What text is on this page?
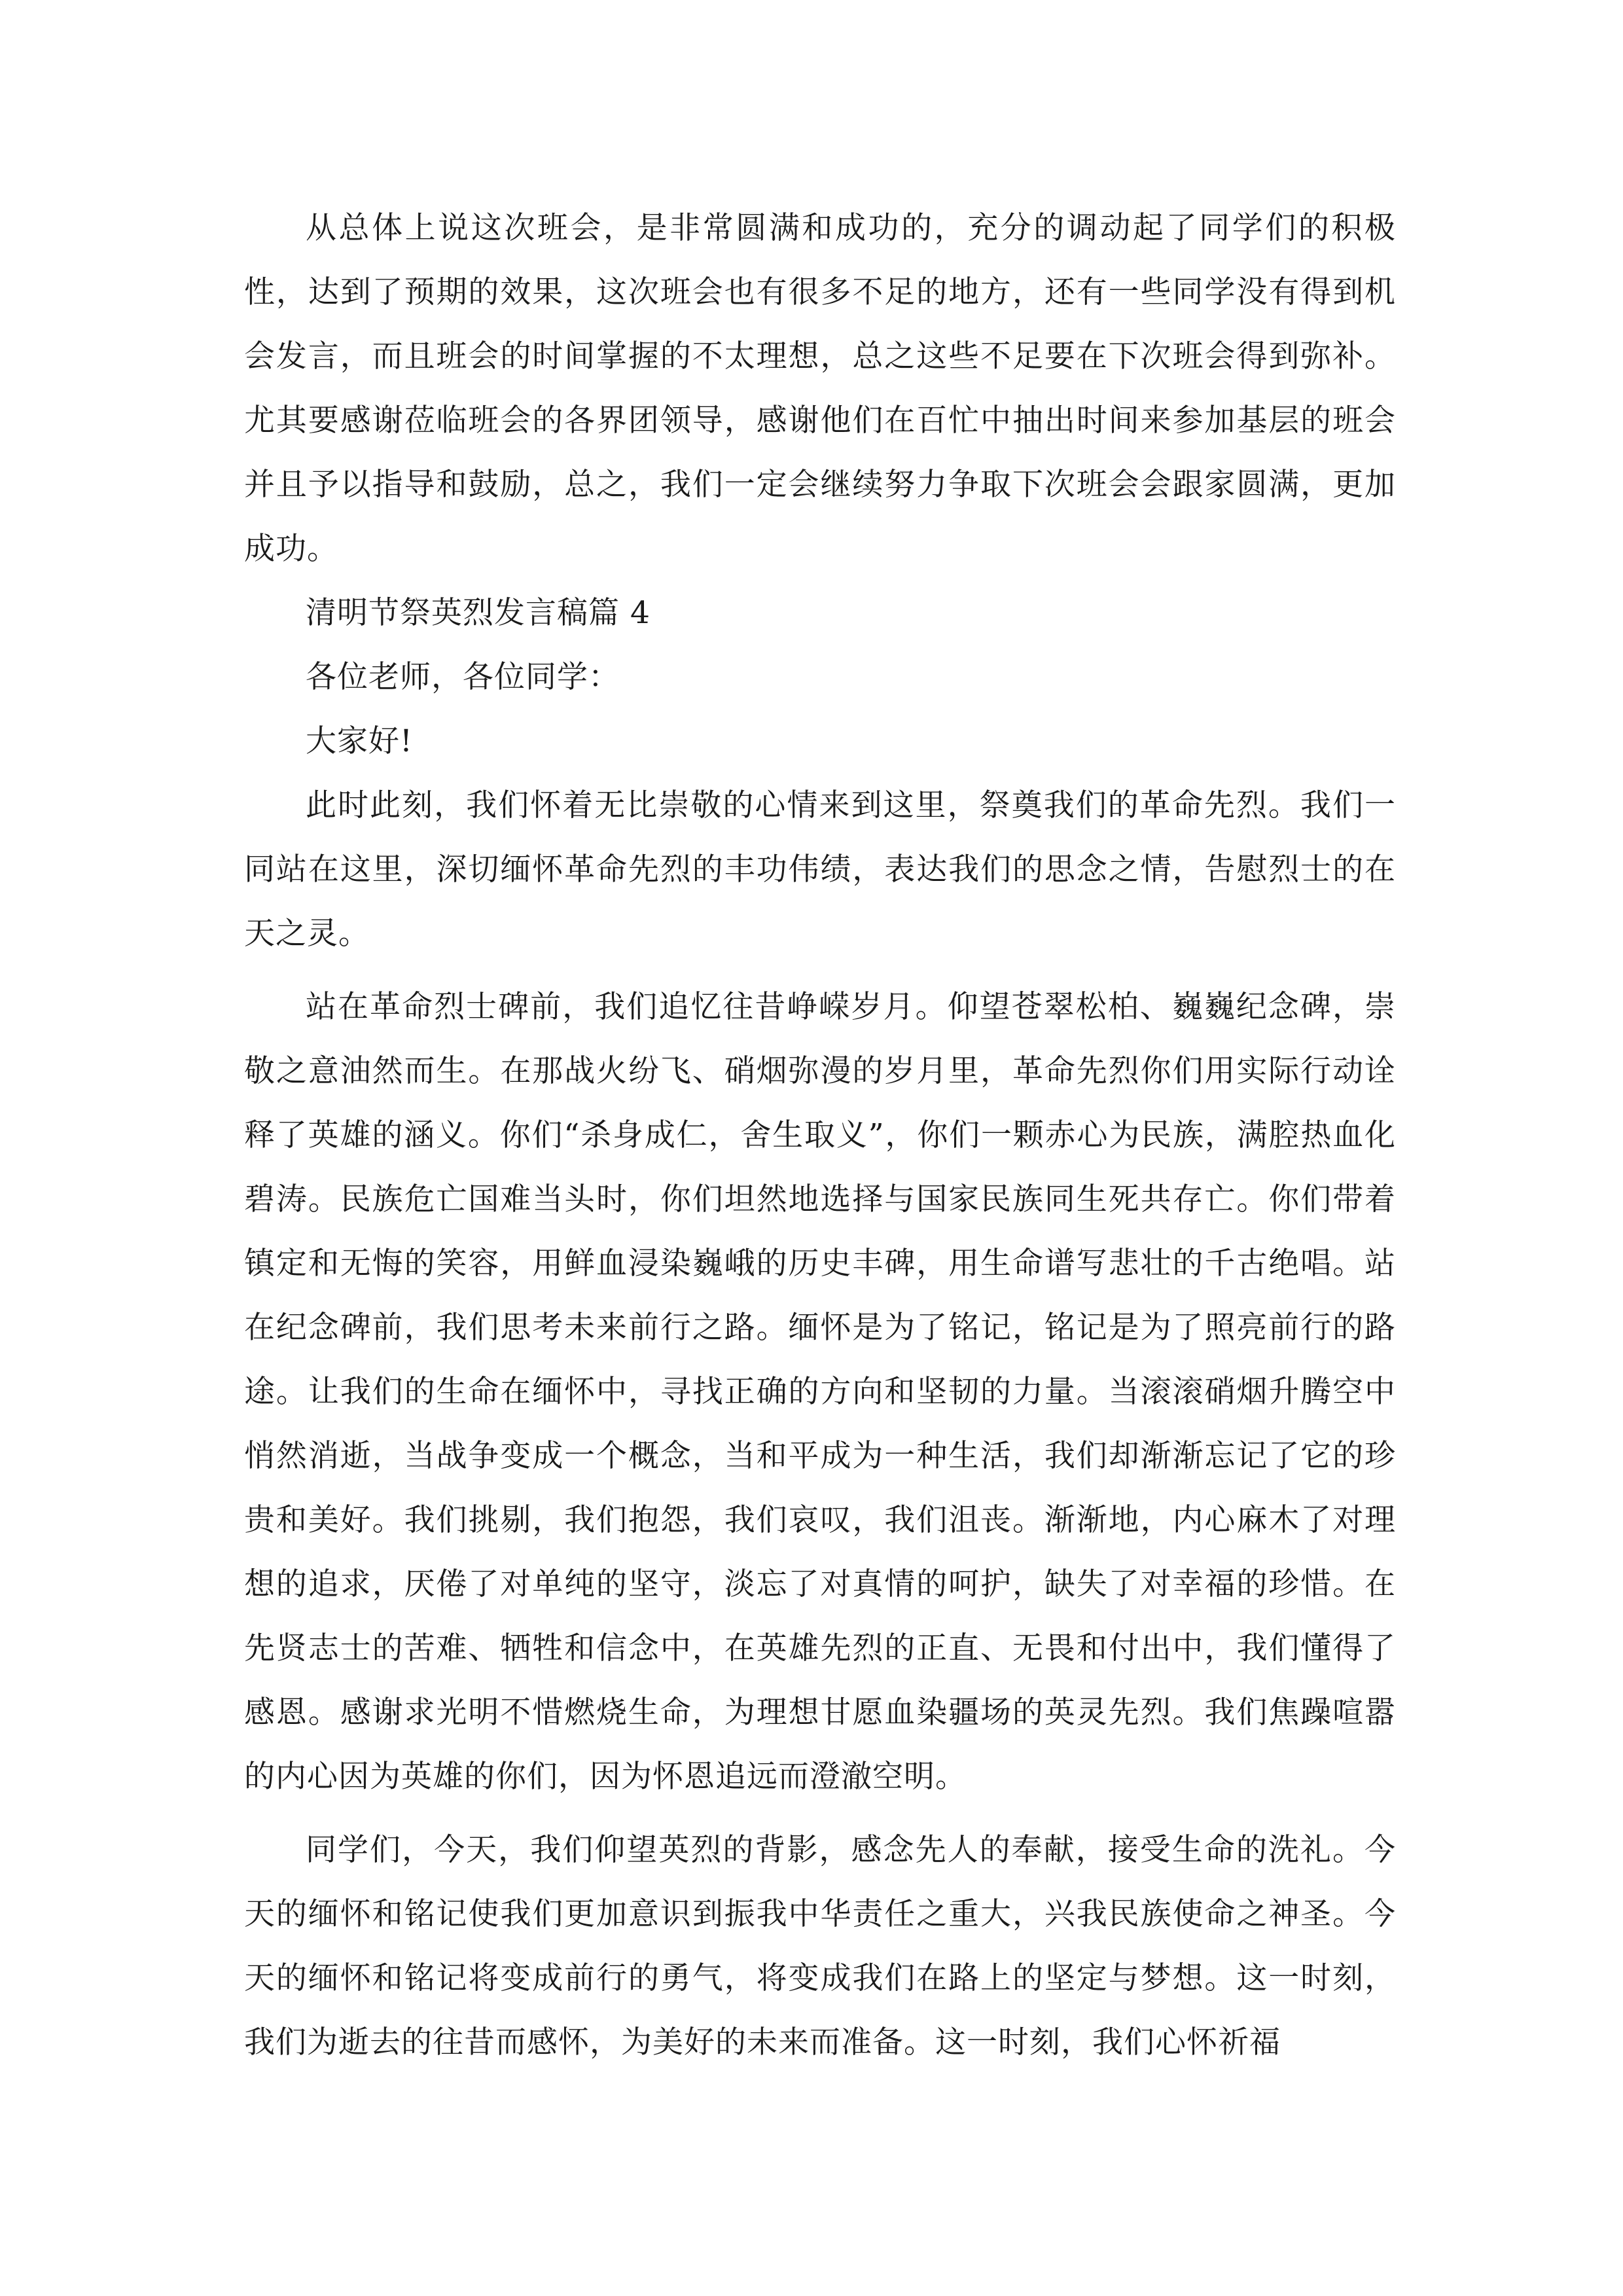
从总体上说这次班会，是非常圆满和成功的，充分的调动起了同学们的积极性，达到了预期的效果，这次班会也有很多不足的地方，还有一些同学没有得到机会发言，而且班会的时间掌握的不太理想，总之这些不足要在下次班会得到弥补。尤其要感谢莅临班会的各界团领导，感谢他们在百忙中抽出时间来参加基层的班会并且予以指导和鼓励，总之，我们一定会继续努力争取下次班会会跟家圆满，更加成功。

清明节祭英烈发言稿篇 4

各位老师，各位同学：

大家好!

此时此刻，我们怀着无比崇敬的心情来到这里，祭奠我们的革命先烈。我们一同站在这里，深切缅怀革命先烈的丰功伟绩，表达我们的思念之情，告慰烈士的在天之灵。

站在革命烈士碑前，我们追忆往昔峥嵘岁月。仰望苍翠松柏、巍巍纪念碑，崇敬之意油然而生。在那战火纷飞、硝烟弥漫的岁月里，革命先烈你们用实际行动诠释了英雄的涵义。你们“杀身成仁，舍生取义”，你们一颗赤心为民族，满腔热血化碧涛。民族危亡国难当头时，你们坦然地选择与国家民族同生死共存亡。你们带着镇定和无悔的笑容，用鲜血浸染巍峨的历史丰碑，用生命谱写悲壮的千古绝唱。站在纪念碑前，我们思考未来前行之路。缅怀是为了铭记，铭记是为了照亮前行的路途。让我们的生命在缅怀中，寻找正确的方向和坚韧的力量。当滚滚硝烟升腾空中悄然消逝，当战争变成一个概念，当和平成为一种生活，我们却渐渐忘记了它的珍贵和美好。我们挑剔，我们抱怨，我们哀叹，我们沮丧。渐渐地，内心麻木了对理想的追求，厌倦了对单纯的坚守，淡忘了对真情的呵护，缺失了对幸福的珍惜。在先贤志士的苦难、牺牲和信念中，在英雄先烈的正直、无畏和付出中，我们懂得了感恩。感谢求光明不惜燃烧生命，为理想甘愿血染疆场的英灵先烈。我们焦躁喧嚣的内心因为英雄的你们，因为怀恩追远而澄澈空明。

同学们，今天，我们仰望英烈的背影，感念先人的奉献，接受生命的洗礼。今天的缅怀和铭记使我们更加意识到振我中华责任之重大，兴我民族使命之神圣。今天的缅怀和铭记将变成前行的勇气，将变成我们在路上的坚定与梦想。这一时刻，我们为逝去的往昔而感怀，为美好的未来而准备。这一时刻，我们心怀祈福
